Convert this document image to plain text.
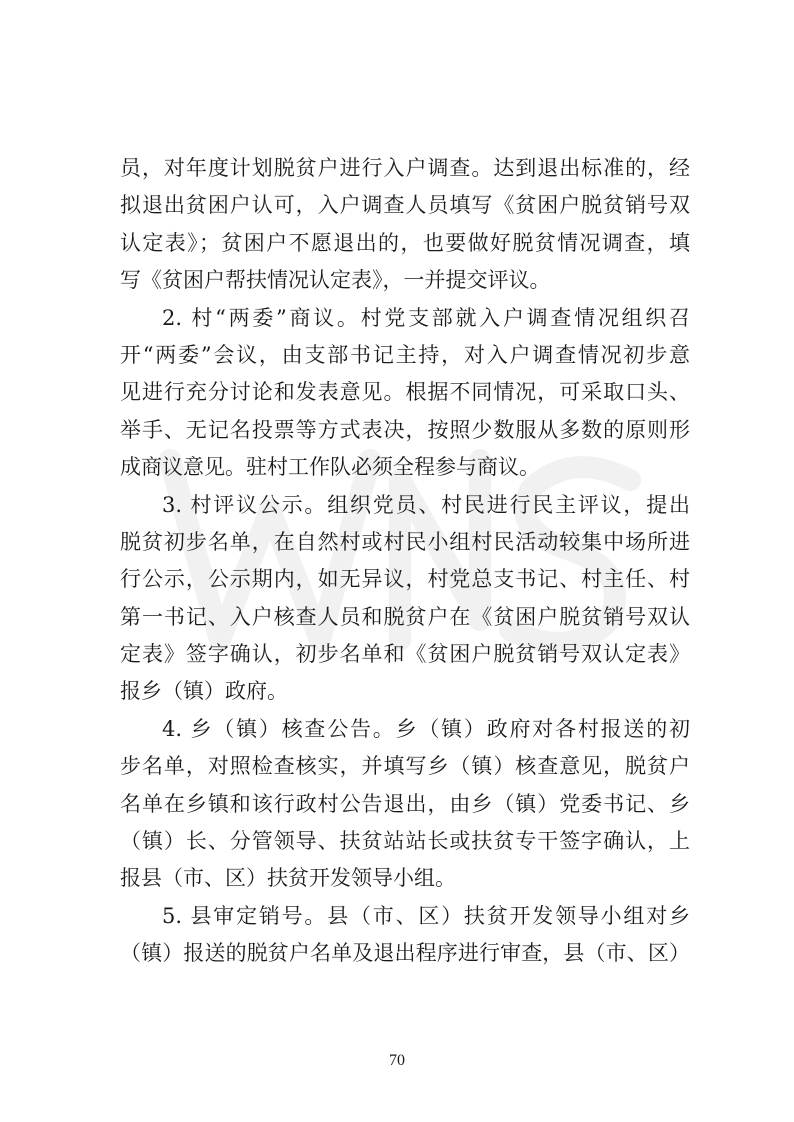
员，对年度计划脱贫户进行入户调查。达到退出标准的，经
拟退出贫困户认可，入户调查人员填写《贫困户脱贫销号双
认定表》；贫困户不愿退出的，也要做好脱贫情况调查，填
写《贫困户帮扶情况认定表》，一并提交评议。
2. 村“两委”商议。村党支部就入户调查情况组织召
开“两委”会议，由支部书记主持，对入户调查情况初步意
见进行充分讨论和发表意见。根据不同情况，可采取口头、
举手、无记名投票等方式表决，按照少数服从多数的原则形
成商议意见。驻村工作队必须全程参与商议。
3. 村评议公示。组织党员、村民进行民主评议，提出
脱贫初步名单，在自然村或村民小组村民活动较集中场所进
行公示，公示期内，如无异议，村党总支书记、村主任、村
第一书记、入户核查人员和脱贫户在《贫困户脱贫销号双认
定表》签字确认，初步名单和《贫困户脱贫销号双认定表》
报乡（镇）政府。
4. 乡（镇）核查公告。乡（镇）政府对各村报送的初
步名单，对照检查核实，并填写乡（镇）核查意见，脱贫户
名单在乡镇和该行政村公告退出，由乡（镇）党委书记、乡
（镇）长、分管领导、扶贫站站长或扶贫专干签字确认，上
报县（市、区）扶贫开发领导小组。
5. 县审定销号。县（市、区）扶贫开发领导小组对乡
（镇）报送的脱贫户名单及退出程序进行审查，县（市、区）
70
